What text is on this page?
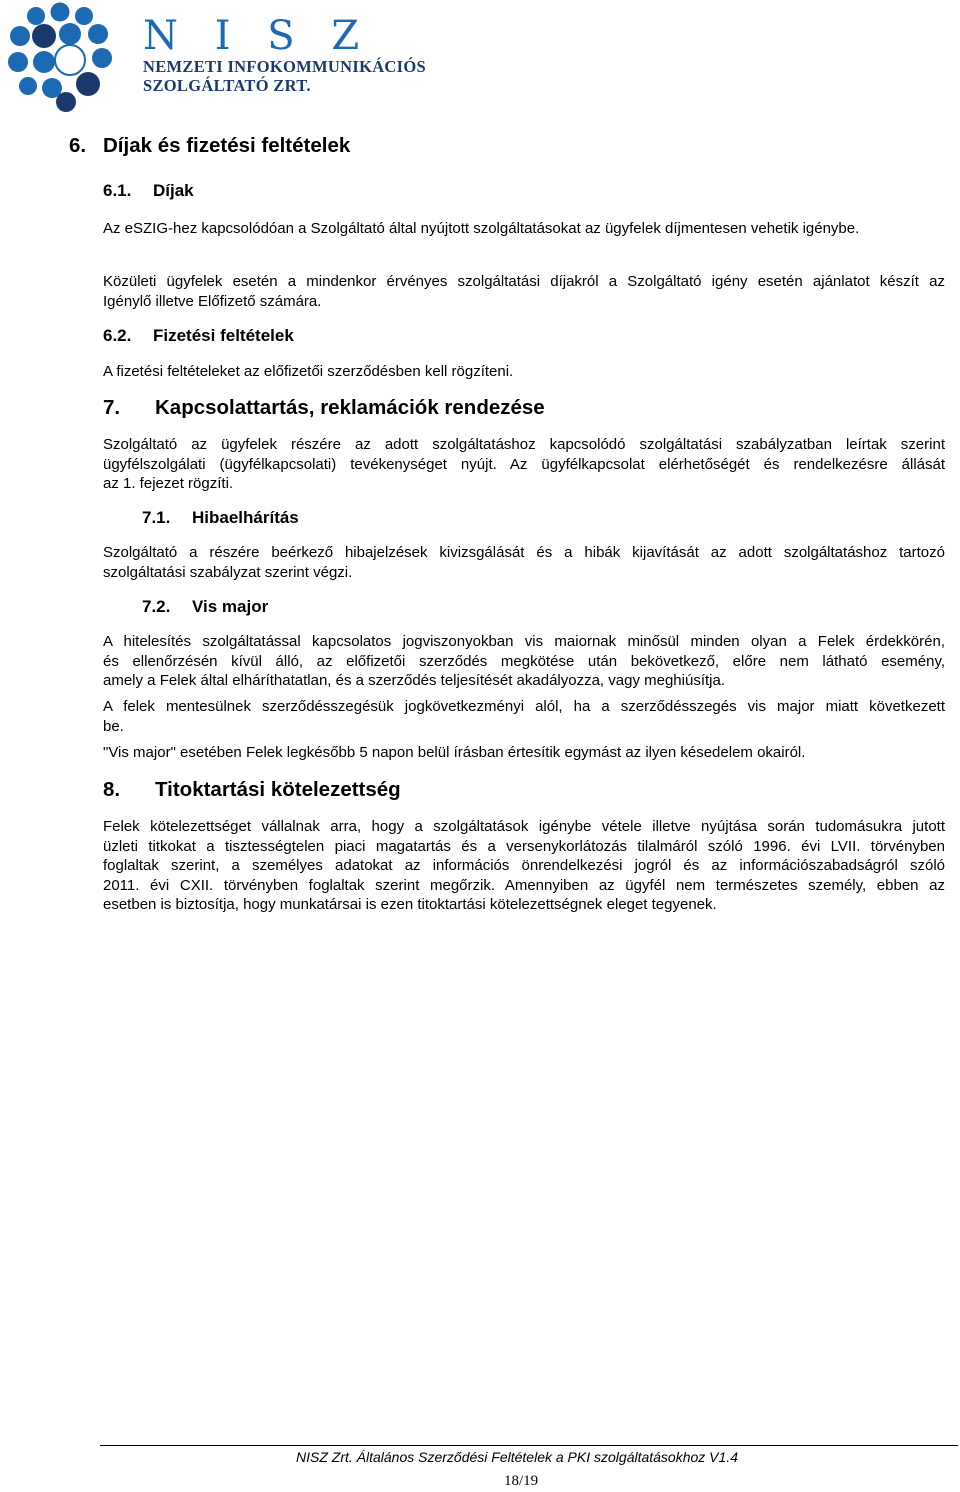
N I S Z
NEMZETI INFOKOMMUNIKÁCIÓS
SZOLGÁLTATÓ ZRT.
6. Díjak és fizetési feltételek
6.1. Díjak
Az eSZIG-hez kapcsolódóan a Szolgáltató által nyújtott szolgáltatásokat az ügyfelek díjmentesen vehetik igénybe.
Közületi ügyfelek esetén a mindenkor érvényes szolgáltatási díjakról a Szolgáltató igény esetén ajánlatot készít az
Igénylő illetve Előfizető számára.
6.2. Fizetési feltételek
A fizetési feltételeket az előfizetői szerződésben kell rögzíteni.
7. Kapcsolattartás, reklamációk rendezése
Szolgáltató az ügyfelek részére az adott szolgáltatáshoz kapcsolódó szolgáltatási szabályzatban leírtak szerint
ügyfélszolgálati (ügyfélkapcsolati) tevékenységet nyújt. Az ügyfélkapcsolat elérhetőségét és rendelkezésre állását
az 1. fejezet rögzíti.
7.1. Hibaelhárítás
Szolgáltató a részére beérkező hibajelzések kivizsgálását és a hibák kijavítását az adott szolgáltatáshoz tartozó
szolgáltatási szabályzat szerint végzi.
7.2. Vis major
A hitelesítés szolgáltatással kapcsolatos jogviszonyokban vis maiornak minősül minden olyan a Felek érdekkörén,
és ellenőrzésén kívül álló, az előfizetői szerződés megkötése után bekövetkező, előre nem látható esemény,
amely a Felek által elháríthatatlan, és a szerződés teljesítését akadályozza, vagy meghiúsítja.
A felek mentesülnek szerződésszegésük jogkövetkezményi alól, ha a szerződésszegés vis major miatt következett
be.
"Vis major" esetében Felek legkésőbb 5 napon belül írásban értesítik egymást az ilyen késedelem okairól.
8. Titoktartási kötelezettség
Felek kötelezettséget vállalnak arra, hogy a szolgáltatások igénybe vétele illetve nyújtása során tudomásukra jutott
üzleti titkokat a tisztességtelen piaci magatartás és a versenykorlátozás tilalmáról szóló 1996. évi LVII. törvényben
foglaltak szerint, a személyes adatokat az információs önrendelkezési jogról és az információszabadságról szóló
2011. évi CXII. törvényben foglaltak szerint megőrzik. Amennyiben az ügyfél nem természetes személy, ebben az
esetben is biztosítja, hogy munkatársai is ezen titoktartási kötelezettségnek eleget tegyenek.
NISZ Zrt. Általános Szerződési Feltételek a PKI szolgáltatásokhoz V1.4
18/19
